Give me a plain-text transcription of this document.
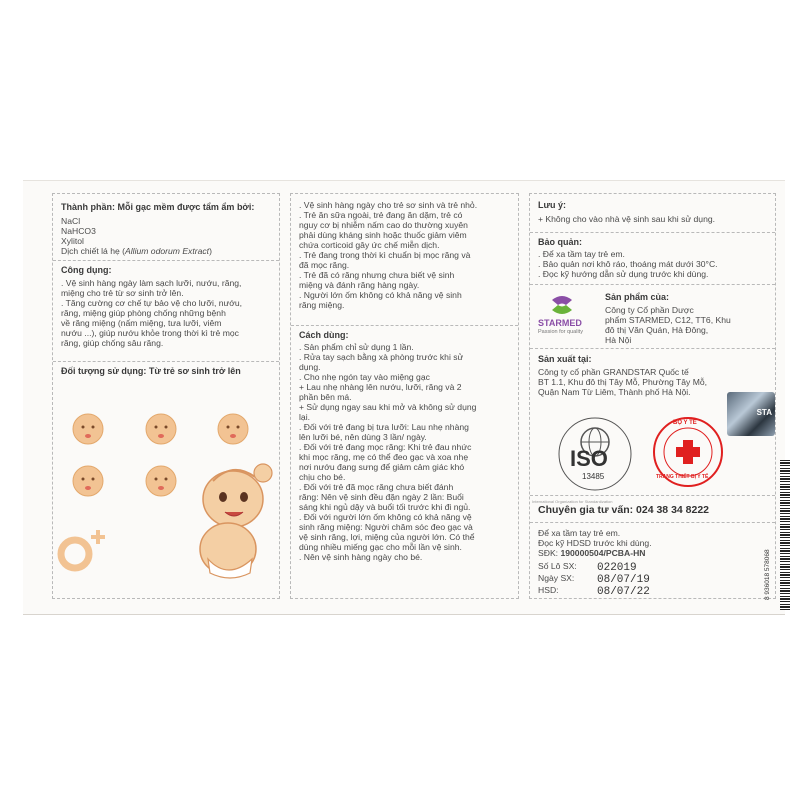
Thành phần: Mỗi gạc mềm được tẩm ẩm bởi:
NaCl
NaHCO3
Xylitol
Dịch chiết lá hẹ (Allium odorum Extract)
Công dụng:
. Vệ sinh hàng ngày làm sạch lưỡi, nướu, răng,
miệng cho trẻ từ sơ sinh trở lên.
. Tăng cường cơ chế tự bảo vệ cho lưỡi, nướu,
răng, miệng giúp phòng chống những bệnh
về răng miệng (nấm miệng, tưa lưỡi, viêm
nướu ...), giúp nướu khỏe trong thời kì trẻ mọc
răng, giúp chống sâu răng.
Đối tượng sử dụng: Từ trẻ sơ sinh trở lên
. Vệ sinh hàng ngày cho trẻ sơ sinh và trẻ nhỏ.
. Trẻ ăn sữa ngoài, trẻ đang ăn dặm, trẻ có
nguy cơ bị nhiễm nấm cao do thường xuyên
phải dùng kháng sinh hoặc thuốc giảm viêm
chứa corticoid gây ức chế miễn dịch.
. Trẻ đang trong thời kì chuẩn bị mọc răng và
đã mọc răng.
. Trẻ đã có răng nhưng chưa biết vệ sinh
miệng và đánh răng hàng ngày.
. Người lớn ốm không có khả năng vệ sinh
răng miệng.
Cách dùng:
. Sản phẩm chỉ sử dụng 1 lần.
. Rửa tay sạch bằng xà phòng trước khi sử
dụng.
. Cho nhẹ ngón tay vào miệng gạc
+ Lau nhẹ nhàng lên nướu, lưỡi, răng và 2
phần bên má.
+ Sử dụng ngay sau khi mở và không sử dụng
lại.
. Đối với trẻ đang bị tưa lưỡi: Lau nhẹ nhàng
lên lưỡi bé, nên dùng 3 lần/ ngày.
. Đối với trẻ đang mọc răng: Khi trẻ đau nhức
khi mọc răng, mẹ có thể đeo gạc và xoa nhẹ
nơi nướu đang sưng để giảm cảm giác khó
chịu cho bé.
. Đối với trẻ đã mọc răng chưa biết đánh
răng: Nên vệ sinh đều đặn ngày 2 lần: Buổi
sáng khi ngủ dậy và buổi tối trước khi đi ngủ.
. Đối với người lớn ốm không có khả năng vệ
sinh răng miệng: Người chăm sóc đeo gạc và
vệ sinh răng, lợi, miệng của người lớn. Có thể
dùng nhiều miếng gạc cho mỗi lần vệ sinh.
. Nên vệ sinh hàng ngày cho bé.
Lưu ý:
+ Không cho vào nhà vệ sinh sau khi sử dụng.
Bảo quản:
. Để xa tầm tay trẻ em.
. Bảo quản nơi khô ráo, thoáng mát dưới 30°C.
. Đọc kỹ hướng dẫn sử dụng trước khi dùng.
STARMED
Passion for quality
Sản phẩm của:
Công ty Cổ phần Dược
phẩm STARMED, C12, TT6, Khu
đô thị Văn Quán, Hà Đông,
Hà Nội
Sản xuất tại:
Công ty cổ phần GRANDSTAR Quốc tế
BT 1.1, Khu đô thị Tây Mỗ, Phường Tây Mỗ,
Quận Nam Từ Liêm, Thành phố Hà Nội.
ISO
13485
International Organization for Standardization
BỘ Y TẾ
TRANG THIẾT BỊ Y TẾ
STA
Chuyên gia tư vấn: 024 38 34 8222
Để xa tầm tay trẻ em.
Đọc kỹ HDSD trước khi dùng.
SĐK: 190000504/PCBA-HN
Số Lô SX:
Ngày SX:
HSD:
022019
08/07/19
08/07/22	8 936018 578068
